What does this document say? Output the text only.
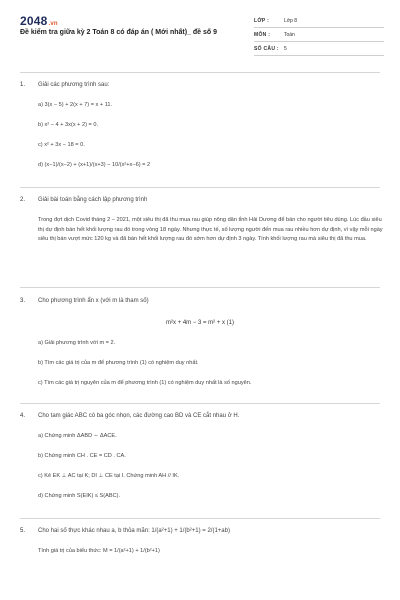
2048.vn
Đề kiểm tra giữa kỳ 2 Toán 8 có đáp án ( Mới nhất)_ đề số 9
LỚP :	Lớp 8
MÔN :	Toán
SỐ CÂU : 5
1. Giải các phương trình sau:
a) 3(x − 5) + 2(x + 7) = x + 11.
b) x² − 4 + 3x(x + 2) = 0.
c) x² + 3x − 18 = 0.
d) (x−1)/(x−2) + (x+1)/(x+3) − 10/(x²+x−6) = 2
2. Giải bài toán bằng cách lập phương trình
Trong đợt dịch Covid tháng 2 − 2021, một siêu thị đã thu mua rau giúp nông dân tỉnh Hải Dương để bán cho người tiêu dùng. Lúc đầu siêu thị dự định bán hết khối lượng rau đó trong vòng 18 ngày. Nhưng thực tế, số lượng người đến mua rau nhiều hơn dự định, vì vậy mỗi ngày siêu thị bán vượt mức 120 kg và đã bán hết khối lượng rau đó sớm hơn dự định 3 ngày. Tính khối lượng rau mà siêu thị đã thu mua.
3. Cho phương trình ẩn x (với m là tham số)
m²x + 4m − 3 = m² + x (1)
a) Giải phương trình với m = 2.
b) Tìm các giá trị của m để phương trình (1) có nghiệm duy nhất.
c) Tìm các giá trị nguyên của m để phương trình (1) có nghiệm duy nhất là số nguyên.
4. Cho tam giác ABC có ba góc nhọn, các đường cao BD và CE cắt nhau ở H.
a) Chứng minh ΔABD ∼ ΔACE.
b) Chứng minh CH . CE = CD . CA.
c) Kẻ EK ⊥ AC tại K; DI ⊥ CE tại I. Chứng minh AH // IK.
d) Chứng minh S(EIK) ≤ S(ABC).
5. Cho hai số thực khác nhau a, b thỏa mãn: 1/(a²+1) + 1/(b²+1) = 2/(1+ab)
Tính giá trị của biểu thức: M = 1/(a²+1) + 1/(b²+1)
